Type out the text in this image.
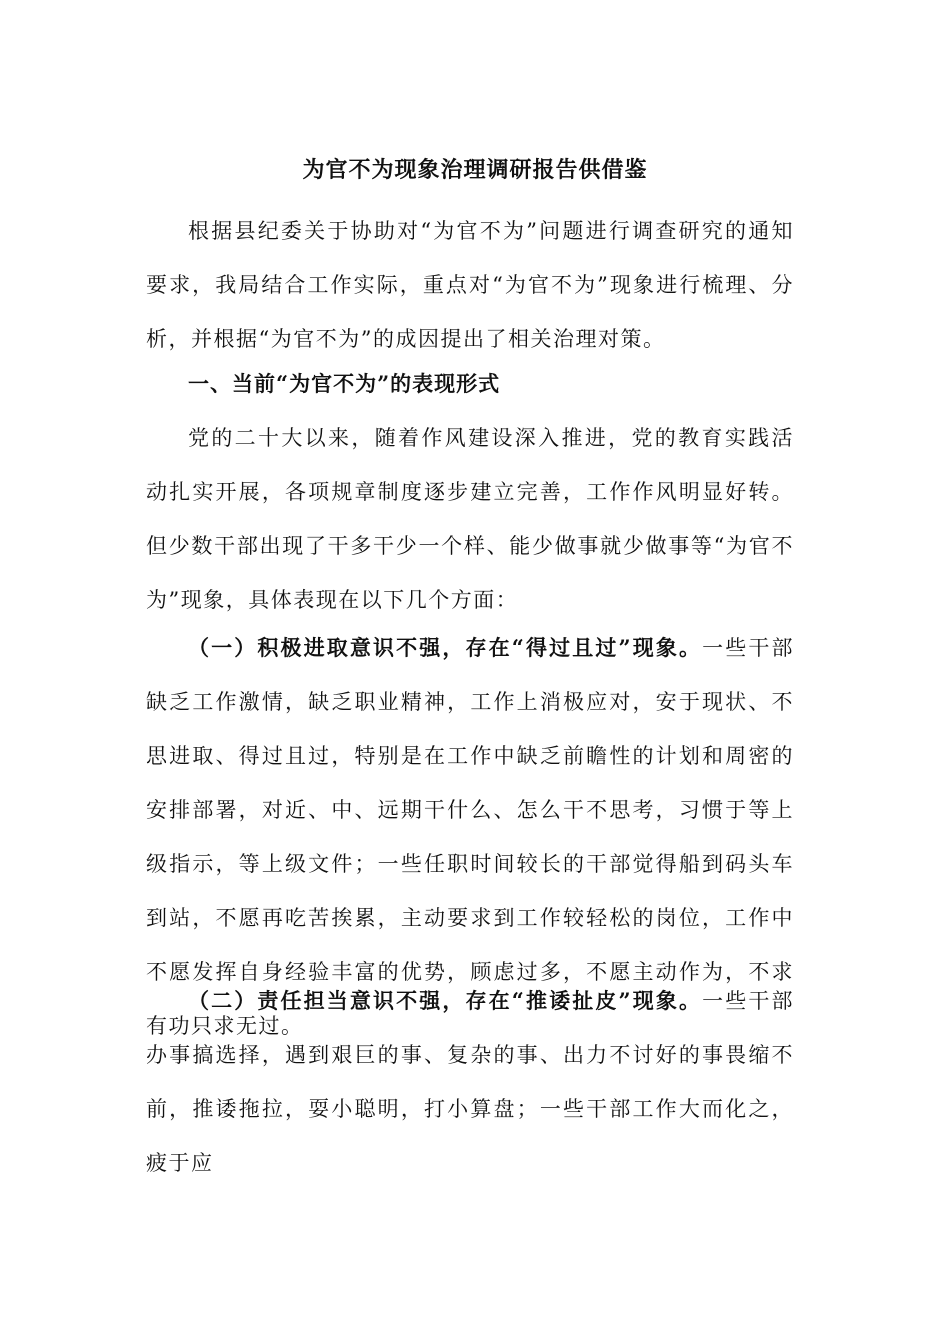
为官不为现象治理调研报告供借鉴

根据县纪委关于协助对“为官不为”问题进行调查研究的通知要求，我局结合工作实际，重点对“为官不为”现象进行梳理、分析，并根据“为官不为”的成因提出了相关治理对策。

一、当前“为官不为”的表现形式

党的二十大以来，随着作风建设深入推进，党的教育实践活动扎实开展，各项规章制度逐步建立完善，工作作风明显好转。但少数干部出现了干多干少一个样、能少做事就少做事等“为官不为”现象，具体表现在以下几个方面：

（一）积极进取意识不强，存在“得过且过”现象。一些干部缺乏工作激情，缺乏职业精神，工作上消极应对，安于现状、不思进取、得过且过，特别是在工作中缺乏前瞻性的计划和周密的安排部署，对近、中、远期干什么、怎么干不思考，习惯于等上级指示，等上级文件；一些任职时间较长的干部觉得船到码头车到站，不愿再吃苦挨累，主动要求到工作较轻松的岗位，工作中不愿发挥自身经验丰富的优势，顾虑过多，不愿主动作为，不求有功只求无过。

（二）责任担当意识不强，存在“推诿扯皮”现象。一些干部办事搞选择，遇到艰巨的事、复杂的事、出力不讨好的事畏缩不前，推诿拖拉，耍小聪明，打小算盘；一些干部工作大而化之，疲于应
